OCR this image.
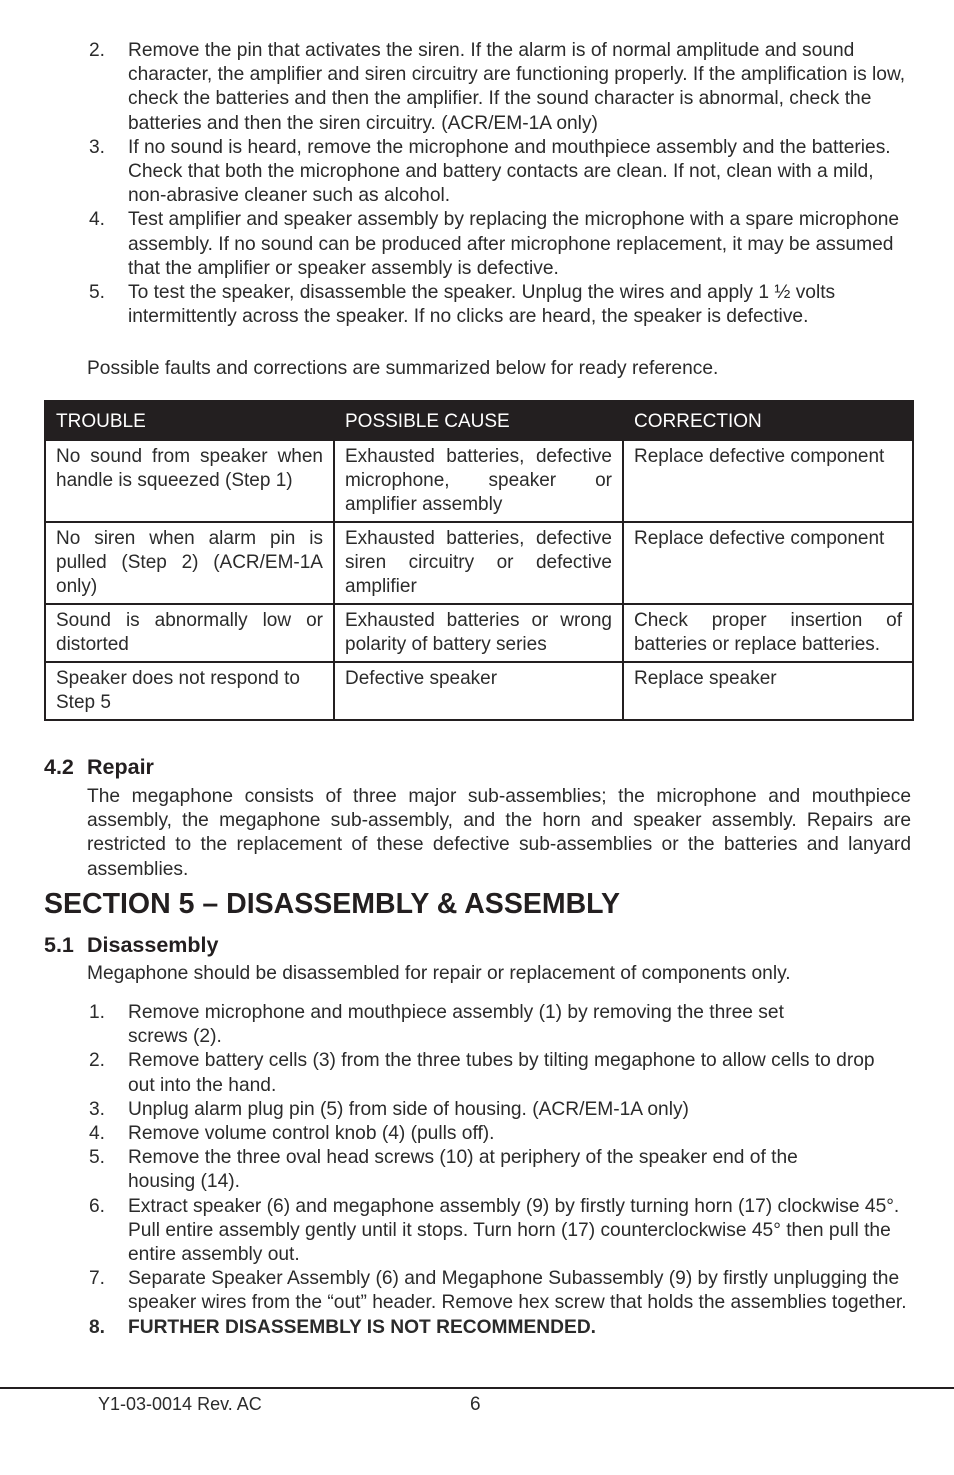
2. Remove the pin that activates the siren. If the alarm is of normal amplitude and sound character, the amplifier and siren circuitry are functioning properly. If the amplification is low, check the batteries and then the amplifier. If the sound character is abnormal, check the batteries and then the siren circuitry. (ACR/EM-1A only)
3. If no sound is heard, remove the microphone and mouthpiece assembly and the batteries. Check that both the microphone and battery contacts are clean. If not, clean with a mild, non-abrasive cleaner such as alcohol.
4. Test amplifier and speaker assembly by replacing the microphone with a spare microphone assembly. If no sound can be produced after microphone replacement, it may be assumed that the amplifier or speaker assembly is defective.
5. To test the speaker, disassemble the speaker. Unplug the wires and apply 1 ½ volts intermittently across the speaker. If no clicks are heard, the speaker is defective.

Possible faults and corrections are summarized below for ready reference.

TROUBLE	POSSIBLE CAUSE	CORRECTION
No sound from speaker when handle is squeezed (Step 1)	Exhausted batteries, defective microphone, speaker or amplifier assembly	Replace defective component
No siren when alarm pin is pulled (Step 2) (ACR/EM-1A only)	Exhausted batteries, defective siren circuitry or defective amplifier	Replace defective component
Sound is abnormally low or distorted	Exhausted batteries or wrong polarity of battery series	Check proper insertion of batteries or replace batteries.
Speaker does not respond to Step 5	Defective speaker	Replace speaker
4.2 Repair

The megaphone consists of three major sub-assemblies; the microphone and mouthpiece assembly, the megaphone sub-assembly, and the horn and speaker assembly. Repairs are restricted to the replacement of these defective sub-assemblies or the batteries and lanyard assemblies.

SECTION 5 – DISASSEMBLY & ASSEMBLY
5.1 Disassembly

Megaphone should be disassembled for repair or replacement of components only.

1. Remove microphone and mouthpiece assembly (1) by removing the three set screws (2).
2. Remove battery cells (3) from the three tubes by tilting megaphone to allow cells to drop out into the hand.
3. Unplug alarm plug pin (5) from side of housing. (ACR/EM-1A only)
4. Remove volume control knob (4) (pulls off).
5. Remove the three oval head screws (10) at periphery of the speaker end of the housing (14).
6. Extract speaker (6) and megaphone assembly (9) by firstly turning horn (17) clockwise 45°. Pull entire assembly gently until it stops. Turn horn (17) counterclockwise 45° then pull the entire assembly out.
7. Separate Speaker Assembly (6) and Megaphone Subassembly (9) by firstly unplugging the speaker wires from the “out” header. Remove hex screw that holds the assemblies together.
8. FURTHER DISASSEMBLY IS NOT RECOMMENDED.

Y1-03-0014 Rev. AC	6
